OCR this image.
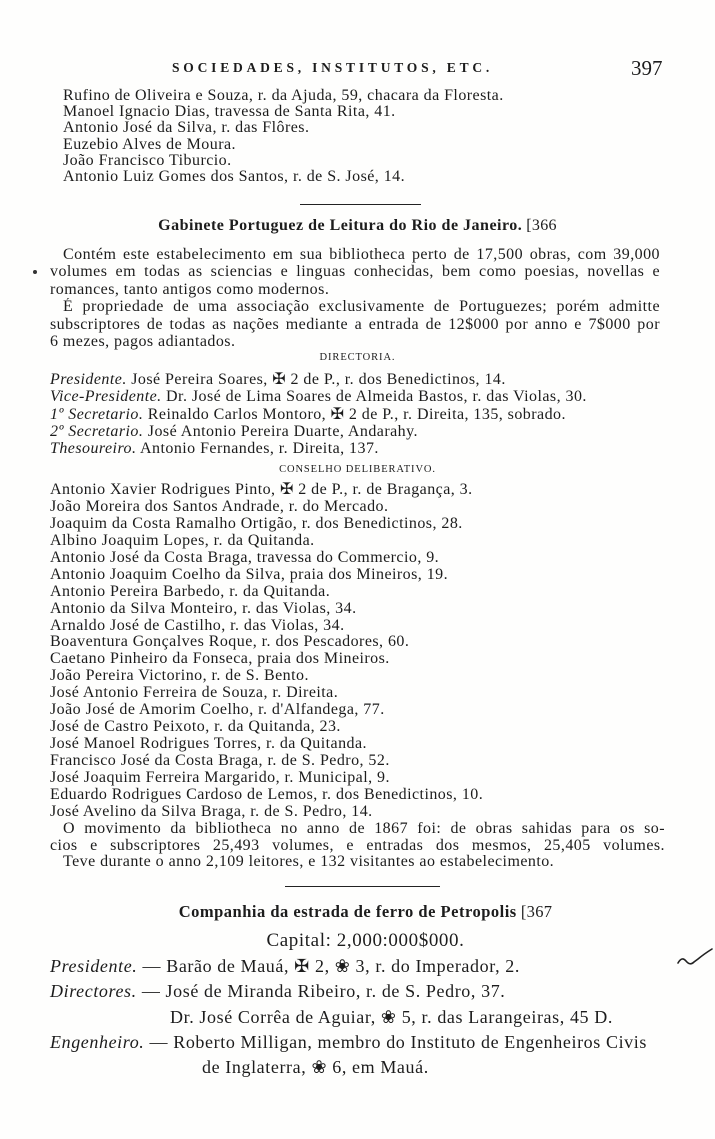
SOCIEDADES, INSTITUTOS, ETC.	397
Rufino de Oliveira e Souza, r. da Ajuda, 59, chacara da Floresta.
Manoel Ignacio Dias, travessa de Santa Rita, 41.
Antonio José da Silva, r. das Flôres.
Euzebio Alves de Moura.
João Francisco Tiburcio.
Antonio Luiz Gomes dos Santos, r. de S. José, 14.
Gabinete Portuguez de Leitura do Rio de Janeiro. [366
Contém este estabelecimento em sua bibliotheca perto de 17,500 obras, com 39,000
volumes em todas as sciencias e linguas conhecidas, bem como poesias, novellas e
romances, tanto antigos como modernos.
É propriedade de uma associação exclusivamente de Portuguezes; porém admitte
subscriptores de todas as nações mediante a entrada de 12$000 por anno e 7$000 por
6 mezes, pagos adiantados.
DIRECTORIA.
Presidente. José Pereira Soares, ✠ 2 de P., r. dos Benedictinos, 14.
Vice-Presidente. Dr. José de Lima Soares de Almeida Bastos, r. das Violas, 30.
1º Secretario. Reinaldo Carlos Montoro, ✠ 2 de P., r. Direita, 135, sobrado.
2º Secretario. José Antonio Pereira Duarte, Andarahy.
Thesoureiro. Antonio Fernandes, r. Direita, 137.
CONSELHO DELIBERATIVO.
Antonio Xavier Rodrigues Pinto, ✠ 2 de P., r. de Bragança, 3.
João Moreira dos Santos Andrade, r. do Mercado.
Joaquim da Costa Ramalho Ortigão, r. dos Benedictinos, 28.
Albino Joaquim Lopes, r. da Quitanda.
Antonio José da Costa Braga, travessa do Commercio, 9.
Antonio Joaquim Coelho da Silva, praia dos Mineiros, 19.
Antonio Pereira Barbedo, r. da Quitanda.
Antonio da Silva Monteiro, r. das Violas, 34.
Arnaldo José de Castilho, r. das Violas, 34.
Boaventura Gonçalves Roque, r. dos Pescadores, 60.
Caetano Pinheiro da Fonseca, praia dos Mineiros.
João Pereira Victorino, r. de S. Bento.
José Antonio Ferreira de Souza, r. Direita.
João José de Amorim Coelho, r. d'Alfandega, 77.
José de Castro Peixoto, r. da Quitanda, 23.
José Manoel Rodrigues Torres, r. da Quitanda.
Francisco José da Costa Braga, r. de S. Pedro, 52.
José Joaquim Ferreira Margarido, r. Municipal, 9.
Eduardo Rodrigues Cardoso de Lemos, r. dos Benedictinos, 10.
José Avelino da Silva Braga, r. de S. Pedro, 14.
O movimento da bibliotheca no anno de 1867 foi: de obras sahidas para os so-
cios e subscriptores 25,493 volumes, e entradas dos mesmos, 25,405 volumes.
Teve durante o anno 2,109 leitores, e 132 visitantes ao estabelecimento.
Companhia da estrada de ferro de Petropolis [367
Capital: 2,000:000$000.
Presidente. — Barão de Mauá, ✠ 2, ❀ 3, r. do Imperador, 2.
Directores. — José de Miranda Ribeiro, r. de S. Pedro, 37.
Dr. José Corrêa de Aguiar, ❀ 5, r. das Larangeiras, 45 D.
Engenheiro. — Roberto Milligan, membro do Instituto de Engenheiros Civis
de Inglaterra, ❀ 6, em Mauá.
